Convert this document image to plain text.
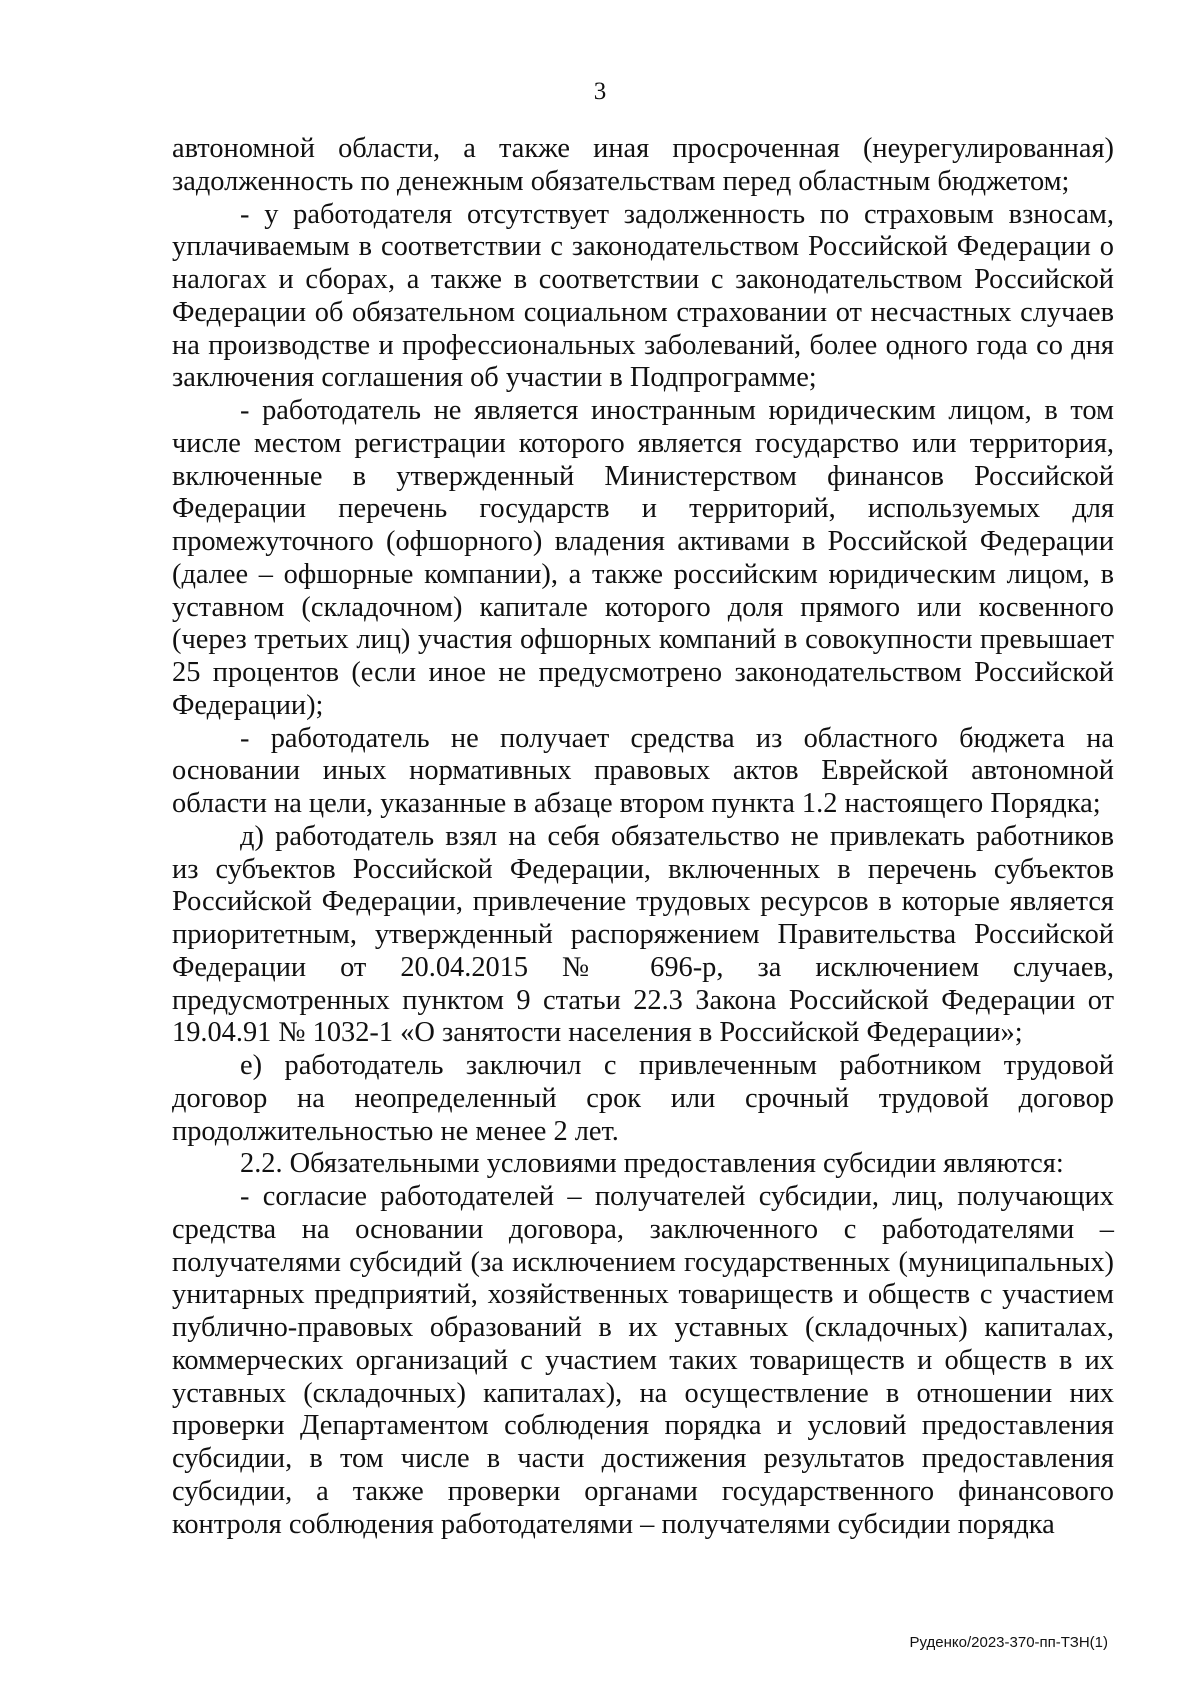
3

автономной области, а также иная просроченная (неурегулированная) задолженность по денежным обязательствам перед областным бюджетом;

- у работодателя отсутствует задолженность по страховым взносам, уплачиваемым в соответствии с законодательством Российской Федерации о налогах и сборах, а также в соответствии с законодательством Российской Федерации об обязательном социальном страховании от несчастных случаев на производстве и профессиональных заболеваний, более одного года со дня заключения соглашения об участии в Подпрограмме;

- работодатель не является иностранным юридическим лицом, в том числе местом регистрации которого является государство или территория, включенные в утвержденный Министерством финансов Российской Федерации перечень государств и территорий, используемых для промежуточного (офшорного) владения активами в Российской Федерации (далее – офшорные компании), а также российским юридическим лицом, в уставном (складочном) капитале которого доля прямого или косвенного (через третьих лиц) участия офшорных компаний в совокупности превышает 25 процентов (если иное не предусмотрено законодательством Российской Федерации);

- работодатель не получает средства из областного бюджета на основании иных нормативных правовых актов Еврейской автономной области на цели, указанные в абзаце втором пункта 1.2 настоящего Порядка;

д) работодатель взял на себя обязательство не привлекать работников из субъектов Российской Федерации, включенных в перечень субъектов Российской Федерации, привлечение трудовых ресурсов в которые является приоритетным, утвержденный распоряжением Правительства Российской Федерации от 20.04.2015 № 696-р, за исключением случаев, предусмотренных пунктом 9 статьи 22.3 Закона Российской Федерации от 19.04.91 № 1032-1 «О занятости населения в Российской Федерации»;

е) работодатель заключил с привлеченным работником трудовой договор на неопределенный срок или срочный трудовой договор продолжительностью не менее 2 лет.

2.2. Обязательными условиями предоставления субсидии являются:

- согласие работодателей – получателей субсидии, лиц, получающих средства на основании договора, заключенного с работодателями – получателями субсидий (за исключением государственных (муниципальных) унитарных предприятий, хозяйственных товариществ и обществ с участием публично-правовых образований в их уставных (складочных) капиталах, коммерческих организаций с участием таких товариществ и обществ в их уставных (складочных) капиталах), на осуществление в отношении них проверки Департаментом соблюдения порядка и условий предоставления субсидии, в том числе в части достижения результатов предоставления субсидии, а также проверки органами государственного финансового контроля соблюдения работодателями – получателями субсидии порядка

Руденко/2023-370-пп-ТЗН(1)
